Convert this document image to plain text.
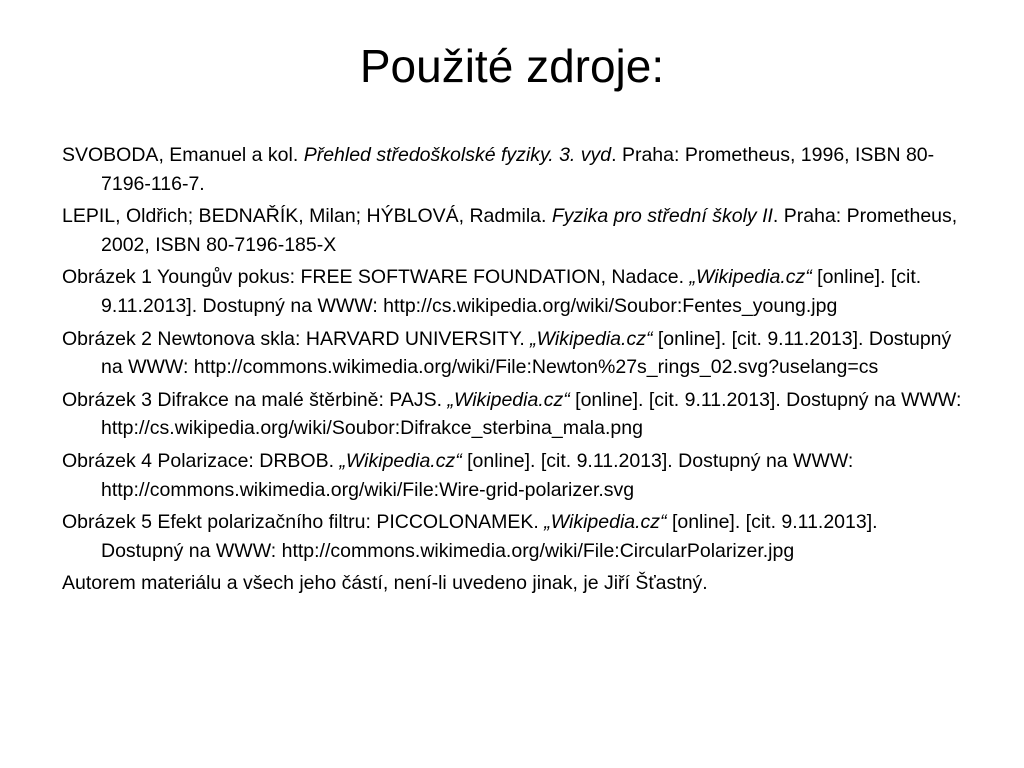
Použité zdroje:

SVOBODA, Emanuel a kol. Přehled středoškolské fyziky. 3. vyd. Praha: Prometheus, 1996, ISBN 80-7196-116-7.

LEPIL, Oldřich; BEDNAŘÍK, Milan; HÝBLOVÁ, Radmila. Fyzika pro střední školy II. Praha: Prometheus, 2002, ISBN 80-7196-185-X

Obrázek 1 Youngův pokus: FREE SOFTWARE FOUNDATION, Nadace. „Wikipedia.cz“ [online]. [cit. 9.11.2013]. Dostupný na WWW: http://cs.wikipedia.org/wiki/Soubor:Fentes_young.jpg

Obrázek 2 Newtonova skla: HARVARD UNIVERSITY. „Wikipedia.cz“ [online]. [cit. 9.11.2013]. Dostupný na WWW: http://commons.wikimedia.org/wiki/File:Newton%27s_rings_02.svg?uselang=cs

Obrázek 3 Difrakce na malé štěrbině: PAJS. „Wikipedia.cz“ [online]. [cit. 9.11.2013]. Dostupný na WWW: http://cs.wikipedia.org/wiki/Soubor:Difrakce_sterbina_mala.png

Obrázek 4 Polarizace: DRBOB. „Wikipedia.cz“ [online]. [cit. 9.11.2013]. Dostupný na WWW: http://commons.wikimedia.org/wiki/File:Wire-grid-polarizer.svg

Obrázek 5 Efekt polarizačního filtru: PICCOLONAMEK. „Wikipedia.cz“ [online]. [cit. 9.11.2013]. Dostupný na WWW: http://commons.wikimedia.org/wiki/File:CircularPolarizer.jpg

Autorem materiálu a všech jeho částí, není-li uvedeno jinak, je Jiří Šťastný.
